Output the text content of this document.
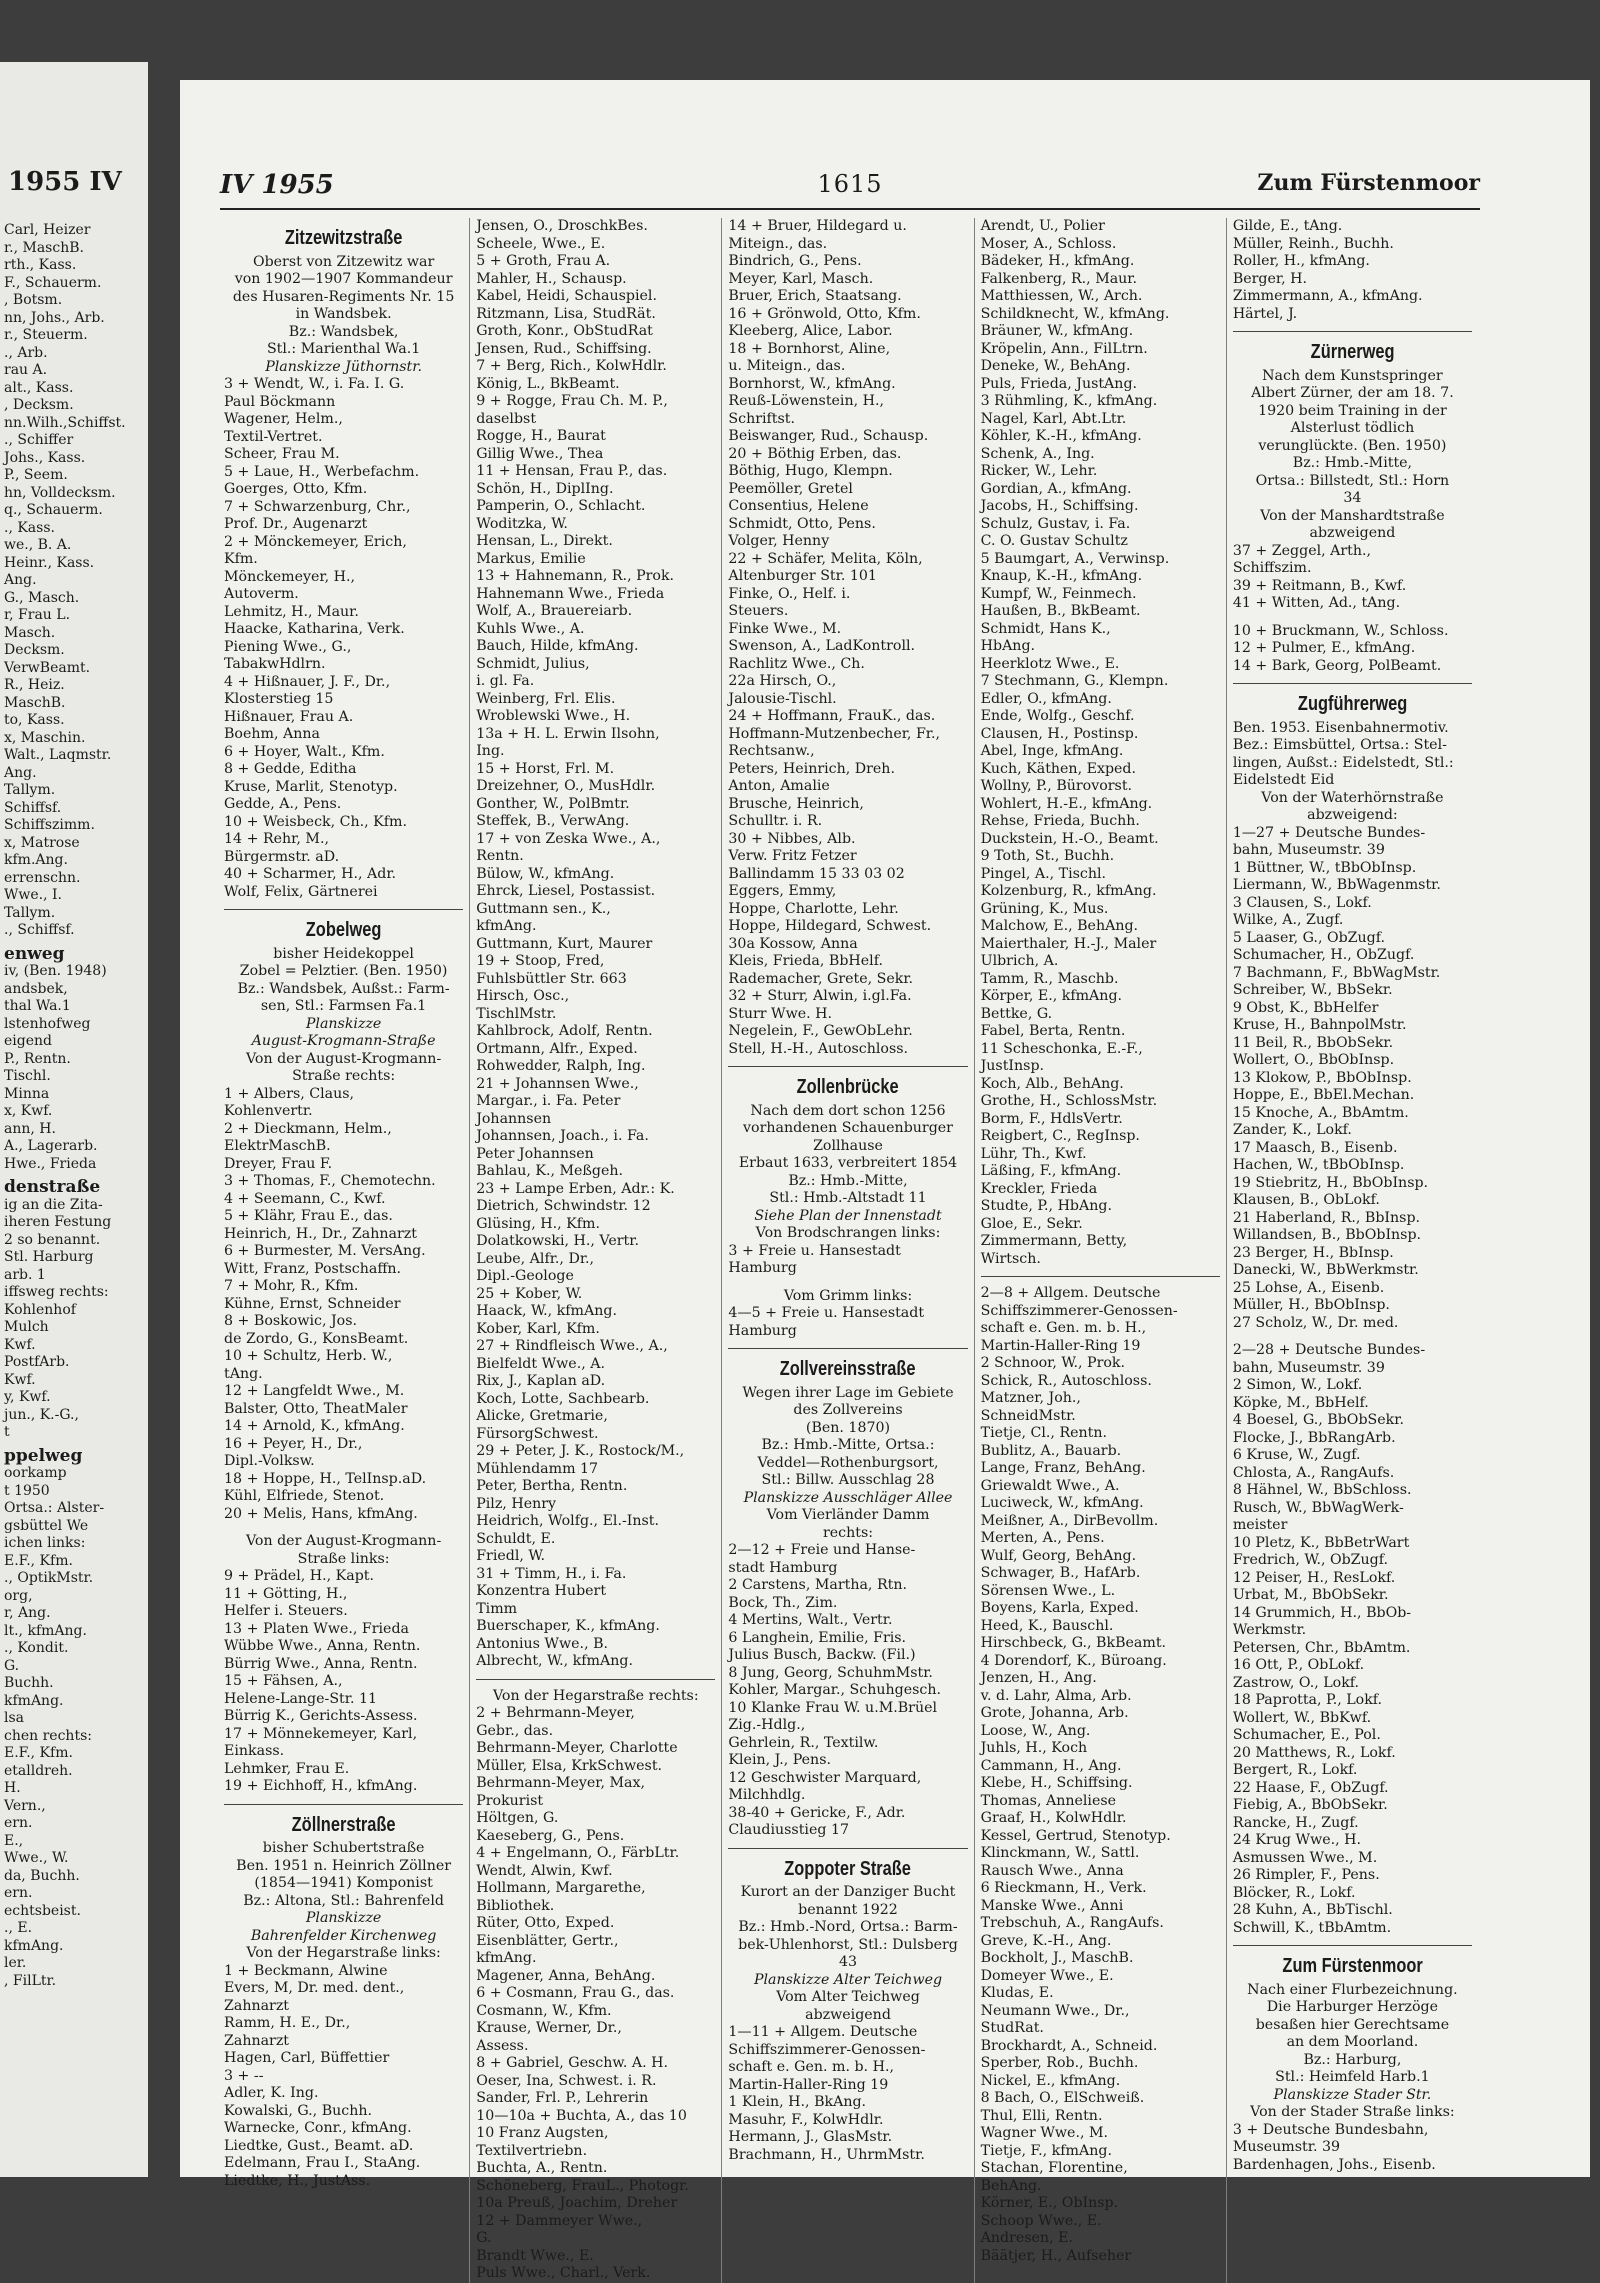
1955 IV
Carl, Heizer
r., MaschB.
rth., Kass.
F., Schauerm.
, Botsm.
nn, Johs., Arb.
r., Steuerm.
., Arb.
rau A.
alt., Kass.
, Decksm.
nn.Wilh.,Schiffst.
., Schiffer
Johs., Kass.
P., Seem.
hn, Volldecksm.
q., Schauerm.
., Kass.
we., B. A.
Heinr., Kass.
Ang.
G., Masch.
r, Frau L.
Masch.
Decksm.
VerwBeamt.
R., Heiz.
MaschB.
to, Kass.
x, Maschin.
Walt., Laqmstr.
Ang.
Tallym.
Schiffsf.
Schiffszimm.
x, Matrose
kfm.Ang.
errenschn.
Wwe., I.
Tallym.
., Schiffsf.
enweg
iv, (Ben. 1948)
andsbek,
thal Wa.1
lstenhofweg
eigend
P., Rentn.
Tischl.
Minna
x, Kwf.
ann, H.
A., Lagerarb.
Hwe., Frieda
denstraße
ig an die Zita-
iheren Festung
2 so benannt.
Stl. Harburg
arb. 1
iffsweg rechts:
Kohlenhof
Mulch
Kwf.
PostfArb.
Kwf.
y, Kwf.
jun., K.-G.,
t
ppelweg
oorkamp
t 1950
Ortsa.: Alster-
gsbüttel We
ichen links:
E.F., Kfm.
., OptikMstr.
org,
r, Ang.
lt., kfmAng.
., Kondit.
G.
Buchh.
kfmAng.
lsa
chen rechts:
E.F., Kfm.
etalldreh.
H.
Vern.,
ern.
E.,
Wwe., W.
da, Buchh.
ern.
echtsbeist.
., E.
kfmAng.
ler.
, FilLtr.
IV 1955	1615	Zum Fürstenmoor
Zitzewitzstraße
Oberst von Zitzewitz war
von 1902—1907 Kommandeur
des Husaren-Regiments Nr. 15
in Wandsbek.
Bz.: Wandsbek,
Stl.: Marienthal Wa.1
Planskizze Jüthornstr.
3 + Wendt, W., i. Fa. I. G.
Paul Böckmann
Wagener, Helm.,
Textil-Vertret.
Scheer, Frau M.
5 + Laue, H., Werbefachm.
Goerges, Otto, Kfm.
7 + Schwarzenburg, Chr.,
Prof. Dr., Augenarzt
2 + Mönckemeyer, Erich,
Kfm.
Mönckemeyer, H.,
Autoverm.
Lehmitz, H., Maur.
Haacke, Katharina, Verk.
Piening Wwe., G.,
TabakwHdlrn.
4 + Hißnauer, J. F., Dr.,
Klosterstieg 15
Hißnauer, Frau A.
Boehm, Anna
6 + Hoyer, Walt., Kfm.
8 + Gedde, Editha
Kruse, Marlit, Stenotyp.
Gedde, A., Pens.
10 + Weisbeck, Ch., Kfm.
14 + Rehr, M.,
Bürgermstr. aD.
40 + Scharmer, H., Adr.
Wolf, Felix, Gärtnerei
Zobelweg
bisher Heidekoppel
Zobel = Pelztier. (Ben. 1950)
Bz.: Wandsbek, Außst.: Farm-
sen, Stl.: Farmsen Fa.1
Planskizze
August-Krogmann-Straße
Von der August-Krogmann-
Straße rechts:
1 + Albers, Claus,
Kohlenvertr.
2 + Dieckmann, Helm.,
ElektrMaschB.
Dreyer, Frau F.
3 + Thomas, F., Chemotechn.
4 + Seemann, C., Kwf.
5 + Klähr, Frau E., das.
Heinrich, H., Dr., Zahnarzt
6 + Burmester, M. VersAng.
Witt, Franz, Postschaffn.
7 + Mohr, R., Kfm.
Kühne, Ernst, Schneider
8 + Boskowic, Jos.
de Zordo, G., KonsBeamt.
10 + Schultz, Herb. W.,
tAng.
12 + Langfeldt Wwe., M.
Balster, Otto, TheatMaler
14 + Arnold, K., kfmAng.
16 + Peyer, H., Dr.,
Dipl.-Volksw.
18 + Hoppe, H., TelInsp.aD.
Kühl, Elfriede, Stenot.
20 + Melis, Hans, kfmAng.
Von der August-Krogmann-
Straße links:
9 + Prädel, H., Kapt.
11 + Götting, H.,
Helfer i. Steuers.
13 + Platen Wwe., Frieda
Wübbe Wwe., Anna, Rentn.
Bürrig Wwe., Anna, Rentn.
15 + Fähsen, A.,
Helene-Lange-Str. 11
Bürrig K., Gerichts-Assess.
17 + Mönnekemeyer, Karl,
Einkass.
Lehmker, Frau E.
19 + Eichhoff, H., kfmAng.
Zöllnerstraße
bisher Schubertstraße
Ben. 1951 n. Heinrich Zöllner
(1854—1941) Komponist
Bz.: Altona, Stl.: Bahrenfeld
Planskizze
Bahrenfelder Kirchenweg
Von der Hegarstraße links:
1 + Beckmann, Alwine
Evers, M, Dr. med. dent.,
Zahnarzt
Ramm, H. E., Dr.,
Zahnarzt
Hagen, Carl, Büffettier
3 + --
Adler, K. Ing.
Kowalski, G., Buchh.
Warnecke, Conr., kfmAng.
Liedtke, Gust., Beamt. aD.
Edelmann, Frau I., StaAng.
Liedtke, H., JustAss.
Jensen, O., DroschkBes.
Scheele, Wwe., E.
5 + Groth, Frau A.
Mahler, H., Schausp.
Kabel, Heidi, Schauspiel.
Ritzmann, Lisa, StudRät.
Groth, Konr., ObStudRat
Jensen, Rud., Schiffsing.
7 + Berg, Rich., KolwHdlr.
König, L., BkBeamt.
9 + Rogge, Frau Ch. M. P.,
daselbst
Rogge, H., Baurat
Gillig Wwe., Thea
11 + Hensan, Frau P., das.
Schön, H., DiplIng.
Pamperin, O., Schlacht.
Woditzka, W.
Hensan, L., Direkt.
Markus, Emilie
13 + Hahnemann, R., Prok.
Hahnemann Wwe., Frieda
Wolf, A., Brauereiarb.
Kuhls Wwe., A.
Bauch, Hilde, kfmAng.
Schmidt, Julius,
i. gl. Fa.
Weinberg, Frl. Elis.
Wroblewski Wwe., H.
13a + H. L. Erwin Ilsohn,
Ing.
15 + Horst, Frl. M.
Dreizehner, O., MusHdlr.
Gonther, W., PolBmtr.
Steffek, B., VerwAng.
17 + von Zeska Wwe., A.,
Rentn.
Bülow, W., kfmAng.
Ehrck, Liesel, Postassist.
Guttmann sen., K.,
kfmAng.
Guttmann, Kurt, Maurer
19 + Stoop, Fred,
Fuhlsbüttler Str. 663
Hirsch, Osc.,
TischlMstr.
Kahlbrock, Adolf, Rentn.
Ortmann, Alfr., Exped.
Rohwedder, Ralph, Ing.
21 + Johannsen Wwe.,
Margar., i. Fa. Peter
Johannsen
Johannsen, Joach., i. Fa.
Peter Johannsen
Bahlau, K., Meßgeh.
23 + Lampe Erben, Adr.: K.
Dietrich, Schwindstr. 12
Glüsing, H., Kfm.
Dolatkowski, H., Vertr.
Leube, Alfr., Dr.,
Dipl.-Geologe
25 + Kober, W.
Haack, W., kfmAng.
Kober, Karl, Kfm.
27 + Rindfleisch Wwe., A.,
Bielfeldt Wwe., A.
Rix, J., Kaplan aD.
Koch, Lotte, Sachbearb.
Alicke, Gretmarie,
FürsorgSchwest.
29 + Peter, J. K., Rostock/M.,
Mühlendamm 17
Peter, Bertha, Rentn.
Pilz, Henry
Heidrich, Wolfg., El.-Inst.
Schuldt, E.
Friedl, W.
31 + Timm, H., i. Fa.
Konzentra Hubert
Timm
Buerschaper, K., kfmAng.
Antonius Wwe., B.
Albrecht, W., kfmAng.
Von der Hegarstraße rechts:
2 + Behrmann-Meyer,
Gebr., das.
Behrmann-Meyer, Charlotte
Müller, Elsa, KrkSchwest.
Behrmann-Meyer, Max,
Prokurist
Höltgen, G.
Kaeseberg, G., Pens.
4 + Engelmann, O., FärbLtr.
Wendt, Alwin, Kwf.
Hollmann, Margarethe,
Bibliothek.
Rüter, Otto, Exped.
Eisenblätter, Gertr.,
kfmAng.
Magener, Anna, BehAng.
6 + Cosmann, Frau G., das.
Cosmann, W., Kfm.
Krause, Werner, Dr.,
Assess.
8 + Gabriel, Geschw. A. H.
Oeser, Ina, Schwest. i. R.
Sander, Frl. P., Lehrerin
10—10a + Buchta, A., das 10
10 Franz Augsten,
Textilvertriebn.
Buchta, A., Rentn.
Schöneberg, FrauL., Photogr.
10a Preuß, Joachim, Dreher
12 + Dammeyer Wwe.,
G.
Brandt Wwe., E.
Puls Wwe., Charl., Verk.
14 + Bruer, Hildegard u.
Miteign., das.
Bindrich, G., Pens.
Meyer, Karl, Masch.
Bruer, Erich, Staatsang.
16 + Grönwold, Otto, Kfm.
Kleeberg, Alice, Labor.
18 + Bornhorst, Aline,
u. Miteign., das.
Bornhorst, W., kfmAng.
Reuß-Löwenstein, H.,
Schriftst.
Beiswanger, Rud., Schausp.
20 + Böthig Erben, das.
Böthig, Hugo, Klempn.
Peemöller, Gretel
Consentius, Helene
Schmidt, Otto, Pens.
Volger, Henny
22 + Schäfer, Melita, Köln,
Altenburger Str. 101
Finke, O., Helf. i.
Steuers.
Finke Wwe., M.
Swenson, A., LadKontroll.
Rachlitz Wwe., Ch.
22a Hirsch, O.,
Jalousie-Tischl.
24 + Hoffmann, FrauK., das.
Hoffmann-Mutzenbecher, Fr.,
Rechtsanw.,
Peters, Heinrich, Dreh.
Anton, Amalie
Brusche, Heinrich,
Schulltr. i. R.
30 + Nibbes, Alb.
Verw. Fritz Fetzer
Ballindamm 15 33 03 02
Eggers, Emmy,
Hoppe, Charlotte, Lehr.
Hoppe, Hildegard, Schwest.
30a Kossow, Anna
Kleis, Frieda, BbHelf.
Rademacher, Grete, Sekr.
32 + Sturr, Alwin, i.gl.Fa.
Sturr Wwe. H.
Negelein, F., GewObLehr.
Stell, H.-H., Autoschloss.
Zollenbrücke
Nach dem dort schon 1256
vorhandenen Schauenburger
Zollhause
Erbaut 1633, verbreitert 1854
Bz.: Hmb.-Mitte,
Stl.: Hmb.-Altstadt 11
Siehe Plan der Innenstadt
Von Brodschrangen links:
3 + Freie u. Hansestadt
Hamburg
Vom Grimm links:
4—5 + Freie u. Hansestadt
Hamburg
Zollvereinsstraße
Wegen ihrer Lage im Gebiete
des Zollvereins
(Ben. 1870)
Bz.: Hmb.-Mitte, Ortsa.:
Veddel—Rothenburgsort,
Stl.: Billw. Ausschlag 28
Planskizze Ausschläger Allee
Vom Vierländer Damm
rechts:
2—12 + Freie und Hanse-
stadt Hamburg
2 Carstens, Martha, Rtn.
Bock, Th., Zim.
4 Mertins, Walt., Vertr.
6 Langhein, Emilie, Fris.
Julius Busch, Backw. (Fil.)
8 Jung, Georg, SchuhmMstr.
Kohler, Margar., Schuhgesch.
10 Klanke Frau W. u.M.Brüel
Zig.-Hdlg.,
Gehrlein, R., Textilw.
Klein, J., Pens.
12 Geschwister Marquard,
Milchhdlg.
38-40 + Gericke, F., Adr.
Claudiusstieg 17
Zoppoter Straße
Kurort an der Danziger Bucht
benannt 1922
Bz.: Hmb.-Nord, Ortsa.: Barm-
bek-Uhlenhorst, Stl.: Dulsberg
43
Planskizze Alter Teichweg
Vom Alter Teichweg
abzweigend
1—11 + Allgem. Deutsche
Schiffszimmerer-Genossen-
schaft e. Gen. m. b. H.,
Martin-Haller-Ring 19
1 Klein, H., BkAng.
Masuhr, F., KolwHdlr.
Hermann, J., GlasMstr.
Brachmann, H., UhrmMstr.
Arendt, U., Polier
Moser, A., Schloss.
Bädeker, H., kfmAng.
Falkenberg, R., Maur.
Matthiessen, W., Arch.
Schildknecht, W., kfmAng.
Bräuner, W., kfmAng.
Kröpelin, Ann., FilLtrn.
Deneke, W., BehAng.
Puls, Frieda, JustAng.
3 Rühmling, K., kfmAng.
Nagel, Karl, Abt.Ltr.
Köhler, K.-H., kfmAng.
Schenk, A., Ing.
Ricker, W., Lehr.
Gordian, A., kfmAng.
Jacobs, H., Schiffsing.
Schulz, Gustav, i. Fa.
C. O. Gustav Schultz
5 Baumgart, A., Verwinsp.
Knaup, K.-H., kfmAng.
Kumpf, W., Feinmech.
Haußen, B., BkBeamt.
Schmidt, Hans K.,
HbAng.
Heerklotz Wwe., E.
7 Stechmann, G., Klempn.
Edler, O., kfmAng.
Ende, Wolfg., Geschf.
Clausen, H., Postinsp.
Abel, Inge, kfmAng.
Kuch, Käthen, Exped.
Wollny, P., Bürovorst.
Wohlert, H.-E., kfmAng.
Rehse, Frieda, Buchh.
Duckstein, H.-O., Beamt.
9 Toth, St., Buchh.
Pingel, A., Tischl.
Kolzenburg, R., kfmAng.
Grüning, K., Mus.
Malchow, E., BehAng.
Maierthaler, H.-J., Maler
Ulbrich, A.
Tamm, R., Maschb.
Körper, E., kfmAng.
Bettke, G.
Fabel, Berta, Rentn.
11 Scheschonka, E.-F.,
JustInsp.
Koch, Alb., BehAng.
Grothe, H., SchlossMstr.
Borm, F., HdlsVertr.
Reigbert, C., RegInsp.
Lühr, Th., Kwf.
Läßing, F., kfmAng.
Kreckler, Frieda
Studte, P., HbAng.
Gloe, E., Sekr.
Zimmermann, Betty,
Wirtsch.
2—8 + Allgem. Deutsche
Schiffszimmerer-Genossen-
schaft e. Gen. m. b. H.,
Martin-Haller-Ring 19
2 Schnoor, W., Prok.
Schick, R., Autoschloss.
Matzner, Joh.,
SchneidMstr.
Tietje, Cl., Rentn.
Bublitz, A., Bauarb.
Lange, Franz, BehAng.
Griewaldt Wwe., A.
Luciweck, W., kfmAng.
Meißner, A., DirBevollm.
Merten, A., Pens.
Wulf, Georg, BehAng.
Schwager, B., HafArb.
Sörensen Wwe., L.
Boyens, Karla, Exped.
Heed, K., Bauschl.
Hirschbeck, G., BkBeamt.
4 Dorendorf, K., Büroang.
Jenzen, H., Ang.
v. d. Lahr, Alma, Arb.
Grote, Johanna, Arb.
Loose, W., Ang.
Juhls, H., Koch
Cammann, H., Ang.
Klebe, H., Schiffsing.
Thomas, Anneliese
Graaf, H., KolwHdlr.
Kessel, Gertrud, Stenotyp.
Klinckmann, W., Sattl.
Rausch Wwe., Anna
6 Rieckmann, H., Verk.
Manske Wwe., Anni
Trebschuh, A., RangAufs.
Greve, K.-H., Ang.
Bockholt, J., MaschB.
Domeyer Wwe., E.
Kludas, E.
Neumann Wwe., Dr.,
StudRat.
Brockhardt, A., Schneid.
Sperber, Rob., Buchh.
Nickel, E., kfmAng.
8 Bach, O., ElSchweiß.
Thul, Elli, Rentn.
Wagner Wwe., M.
Tietje, F., kfmAng.
Stachan, Florentine,
BehAng.
Körner, E., ObInsp.
Schoop Wwe., E.
Andresen, E.
Bäätjer, H., Aufseher
Gilde, E., tAng.
Müller, Reinh., Buchh.
Roller, H., kfmAng.
Berger, H.
Zimmermann, A., kfmAng.
Härtel, J.
Zürnerweg
Nach dem Kunstspringer
Albert Zürner, der am 18. 7.
1920 beim Training in der
Alsterlust tödlich
verunglückte. (Ben. 1950)
Bz.: Hmb.-Mitte,
Ortsa.: Billstedt, Stl.: Horn
34
Von der Manshardtstraße
abzweigend
37 + Zeggel, Arth.,
Schiffszim.
39 + Reitmann, B., Kwf.
41 + Witten, Ad., tAng.
10 + Bruckmann, W., Schloss.
12 + Pulmer, E., kfmAng.
14 + Bark, Georg, PolBeamt.
Zugführerweg
Ben. 1953. Eisenbahnermotiv.
Bez.: Eimsbüttel, Ortsa.: Stel-
lingen, Außst.: Eidelstedt, Stl.:
Eidelstedt Eid
Von der Waterhörnstraße
abzweigend:
1—27 + Deutsche Bundes-
bahn, Museumstr. 39
1 Büttner, W., tBbObInsp.
Liermann, W., BbWagenmstr.
3 Clausen, S., Lokf.
Wilke, A., Zugf.
5 Laaser, G., ObZugf.
Schumacher, H., ObZugf.
7 Bachmann, F., BbWagMstr.
Schreiber, W., BbSekr.
9 Obst, K., BbHelfer
Kruse, H., BahnpolMstr.
11 Beil, R., BbObSekr.
Wollert, O., BbObInsp.
13 Klokow, P., BbObInsp.
Hoppe, E., BbEl.Mechan.
15 Knoche, A., BbAmtm.
Zander, K., Lokf.
17 Maasch, B., Eisenb.
Hachen, W., tBbObInsp.
19 Stiebritz, H., BbObInsp.
Klausen, B., ObLokf.
21 Haberland, R., BbInsp.
Willandsen, B., BbObInsp.
23 Berger, H., BbInsp.
Danecki, W., BbWerkmstr.
25 Lohse, A., Eisenb.
Müller, H., BbObInsp.
27 Scholz, W., Dr. med.
2—28 + Deutsche Bundes-
bahn, Museumstr. 39
2 Simon, W., Lokf.
Köpke, M., BbHelf.
4 Boesel, G., BbObSekr.
Flocke, J., BbRangArb.
6 Kruse, W., Zugf.
Chlosta, A., RangAufs.
8 Hähnel, W., BbSchloss.
Rusch, W., BbWagWerk-
meister
10 Pletz, K., BbBetrWart
Fredrich, W., ObZugf.
12 Peiser, H., ResLokf.
Urbat, M., BbObSekr.
14 Grummich, H., BbOb-
Werkmstr.
Petersen, Chr., BbAmtm.
16 Ott, P., ObLokf.
Zastrow, O., Lokf.
18 Paprotta, P., Lokf.
Wollert, W., BbKwf.
Schumacher, E., Pol.
20 Matthews, R., Lokf.
Bergert, R., Lokf.
22 Haase, F., ObZugf.
Fiebig, A., BbObSekr.
Rancke, H., Zugf.
24 Krug Wwe., H.
Asmussen Wwe., M.
26 Rimpler, F., Pens.
Blöcker, R., Lokf.
28 Kuhn, A., BbTischl.
Schwill, K., tBbAmtm.
Zum Fürstenmoor
Nach einer Flurbezeichnung.
Die Harburger Herzöge
besaßen hier Gerechtsame
an dem Moorland.
Bz.: Harburg,
Stl.: Heimfeld Harb.1
Planskizze Stader Str.
Von der Stader Straße links:
3 + Deutsche Bundesbahn,
Museumstr. 39
Bardenhagen, Johs., Eisenb.
